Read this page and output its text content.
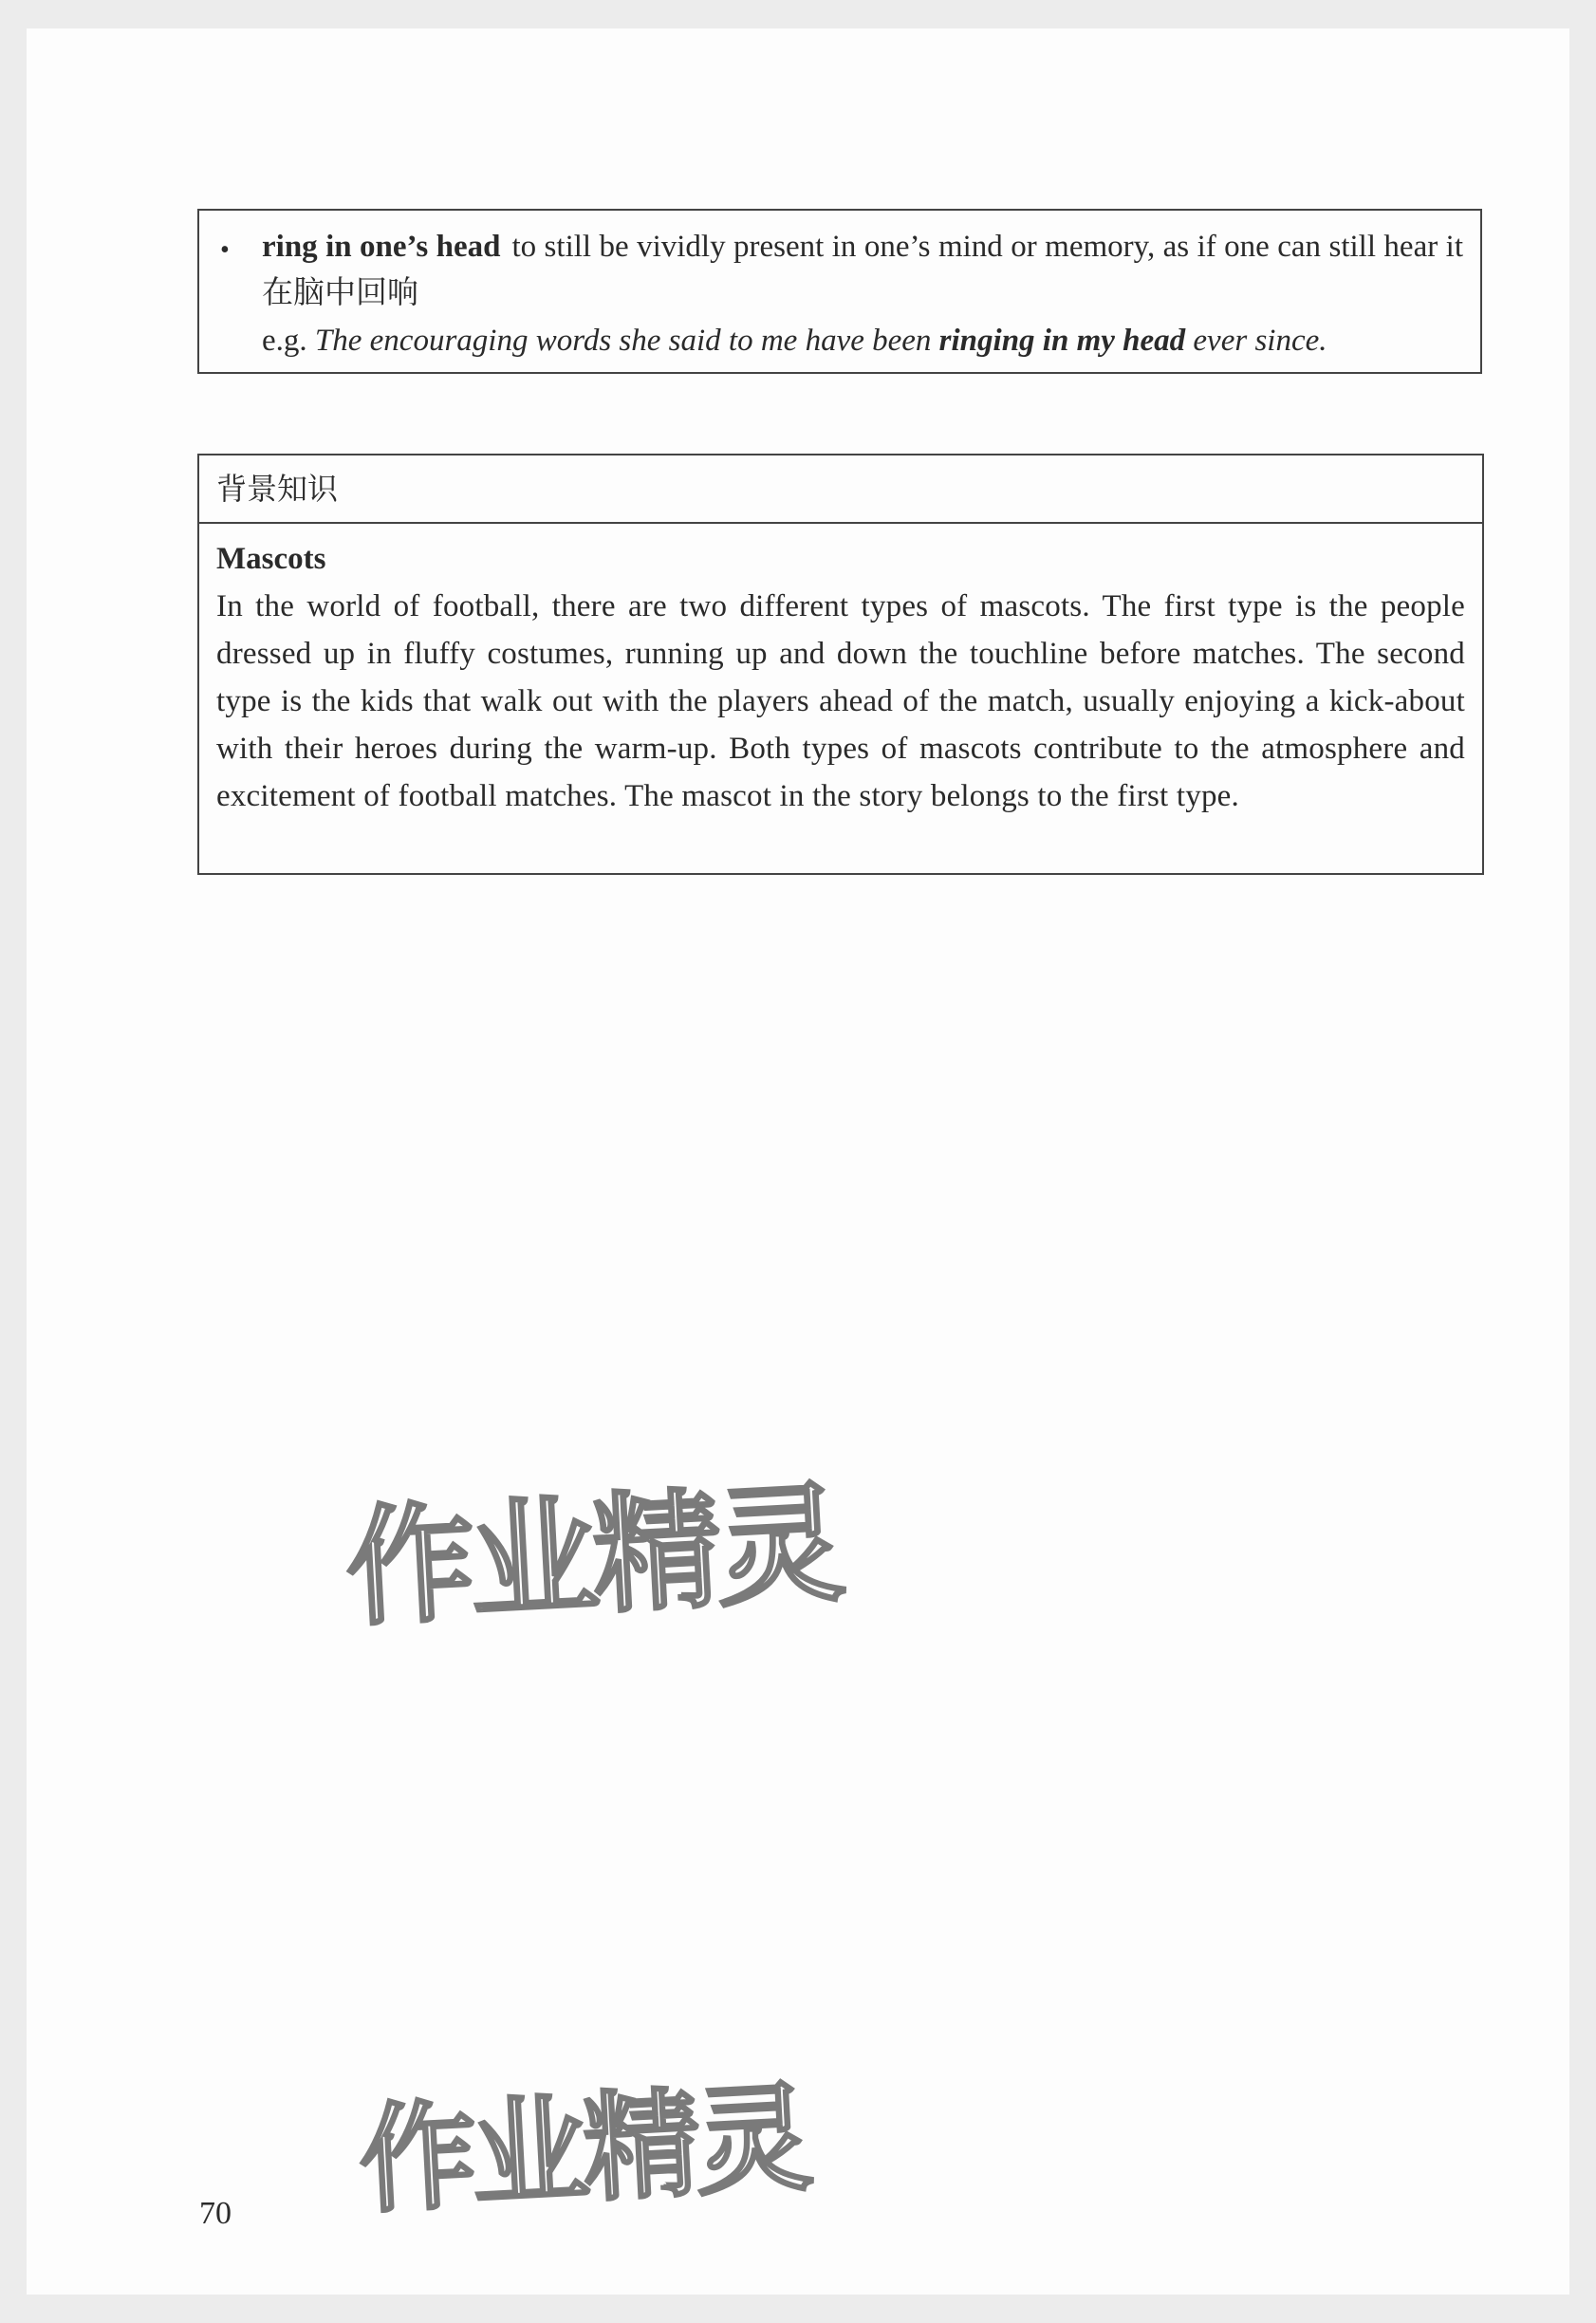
• ring in one’s head to still be vividly present in one’s mind or memory, as if one can still hear it 在脑中回响
e.g. The encouraging words she said to me have been ringing in my head ever since.
背景知识
Mascots
In the world of football, there are two different types of mascots. The first type is the people dressed up in fluffy costumes, running up and down the touchline before matches. The second type is the kids that walk out with the players ahead of the match, usually enjoying a kick-about with their heroes during the warm-up. Both types of mascots contribute to the atmosphere and excitement of football matches. The mascot in the story belongs to the first type.
作业精灵
作业精灵
70
